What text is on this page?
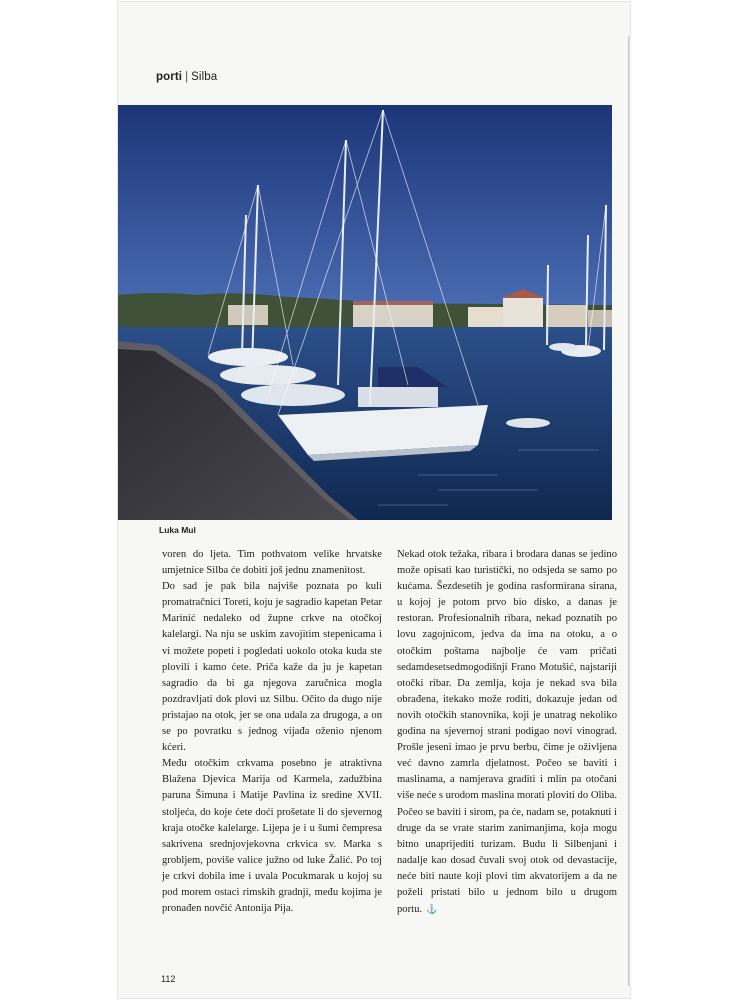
porti | Silba
Luka Mul

voren do ljeta. Tim pothvatom velike hrvatske umjetnice Silba će dobiti još jednu znamenitost.

Do sad je pak bila najviše poznata po kuli promatračnici Toreti, koju je sagradio kapetan Petar Marinić nedaleko od župne crkve na otočkoj kalelargi. Na nju se uskim zavojitim stepenicama i vi možete popeti i pogledati uokolo otoka kuda ste plovili i kamo ćete. Priča kaže da ju je kapetan sagradio da bi ga njegova zaručnica mogla pozdravljati dok plovi uz Silbu. Očito da dugo nije pristajao na otok, jer se ona udala za drugoga, a on se po povratku s jednog vijađa oženio njenom kćeri.

Među otočkim crkvama posebno je atraktivna Blažena Djevica Marija od Karmela, zadužbina paruna Šimuna i Matije Pavlina iz sredine XVII. stoljeća, do koje ćete doći prošetate li do sjevernog kraja otočke kalelarge. Lijepa je i u šumi čempresa sakrivena srednjovjekovna crkvica sv. Marka s grobljem, poviše valice južno od luke Žalić. Po toj je crkvi dobila ime i uvala Pocukmarak u kojoj su pod morem ostaci rimskih gradnji, među kojima je pronađen novčić Antonija Pija.

Nekad otok težaka, ribara i brodara danas se jedino može opisati kao turistički, no odsjeda se samo po kućama. Šezdesetih je godina rasformirana sirana, u kojoj je potom prvo bio disko, a danas je restoran. Profesionalnih ribara, nekad poznatih po lovu zagojnicom, jedva da ima na otoku, a o otočkim poštama najbolje će vam pričati sedamdesetsedmogodišnji Frano Motušić, najstariji otočki ribar. Da zemlja, koja je nekad sva bila obrađena, itekako može roditi, dokazuje jedan od novih otočkih stanovnika, koji je unatrag nekoliko godina na sjevernoj strani podigao novi vinograd. Prošle jeseni imao je prvu berbu, čime je oživljena već davno zamrla djelatnost. Počeo se baviti i maslinama, a namjerava graditi i mlin pa otočani više neće s urodom maslina morati ploviti do Oliba. Počeo se baviti i sirom, pa će, nadam se, potaknuti i druge da se vrate starim zanimanjima, koja mogu bitno unaprijediti turizam. Budu li Silbenjani i nadalje kao dosad čuvali svoj otok od devastacije, neće biti naute koji plovi tim akvatorijem a da ne poželi pristati bilo u jednom bilo u drugom portu. ⚓

112
